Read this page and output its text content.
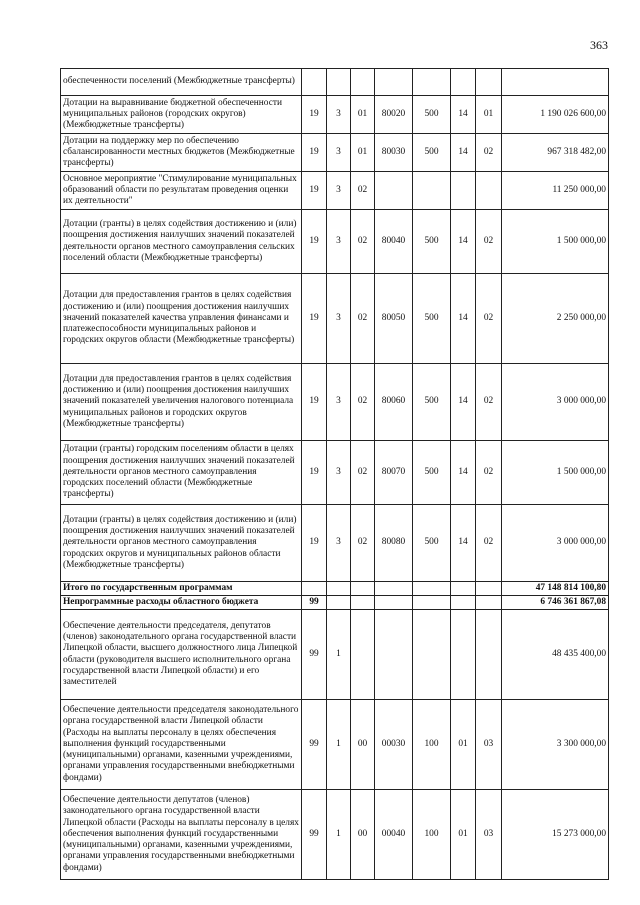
363
обеспеченности поселений (Межбюджетные трансферты)								
Дотации на выравнивание бюджетной обеспеченности муниципальных районов (городских округов) (Межбюджетные трансферты)	19	3	01	80020	500	14	01	1 190 026 600,00
Дотации на поддержку мер по обеспечению сбалансированности местных бюджетов (Межбюджетные трансферты)	19	3	01	80030	500	14	02	967 318 482,00
Основное мероприятие "Стимулирование муниципальных образований области по результатам проведения оценки их деятельности"	19	3	02					11 250 000,00
Дотации (гранты) в целях содействия достижению и (или) поощрения достижения наилучших значений показателей деятельности органов местного самоуправления сельских поселений области (Межбюджетные трансферты)	19	3	02	80040	500	14	02	1 500 000,00
Дотации для предоставления грантов в целях содействия достижению и (или) поощрения достижения наилучших значений показателей качества управления финансами и платежеспособности муниципальных районов и городских округов области (Межбюджетные трансферты)	19	3	02	80050	500	14	02	2 250 000,00
Дотации для предоставления грантов в целях содействия достижению и (или) поощрения достижения наилучших значений показателей увеличения налогового потенциала муниципальных районов и городских округов (Межбюджетные трансферты)	19	3	02	80060	500	14	02	3 000 000,00
Дотации (гранты) городским поселениям области в целях поощрения достижения наилучших значений показателей деятельности органов местного самоуправления городских поселений области (Межбюджетные трансферты)	19	3	02	80070	500	14	02	1 500 000,00
Дотации (гранты) в целях содействия достижению и (или) поощрения достижения наилучших значений показателей деятельности органов местного самоуправления городских округов и муниципальных районов области (Межбюджетные трансферты)	19	3	02	80080	500	14	02	3 000 000,00
Итого по государственным программам								47 148 814 100,80
Непрограммные расходы областного бюджета	99							6 746 361 867,08
Обеспечение деятельности председателя, депутатов (членов) законодательного органа государственной власти Липецкой области, высшего должностного лица Липецкой области (руководителя высшего исполнительного органа государственной власти Липецкой области) и его заместителей	99	1						48 435 400,00
Обеспечение деятельности председателя законодательного органа государственной власти Липецкой области (Расходы на выплаты персоналу в целях обеспечения выполнения функций государственными (муниципальными) органами, казенными учреждениями, органами управления государственными внебюджетными фондами)	99	1	00	00030	100	01	03	3 300 000,00
Обеспечение деятельности депутатов (членов) законодательного органа государственной власти Липецкой области (Расходы на выплаты персоналу в целях обеспечения выполнения функций государственными (муниципальными) органами, казенными учреждениями, органами управления государственными внебюджетными фондами)	99	1	00	00040	100	01	03	15 273 000,00
